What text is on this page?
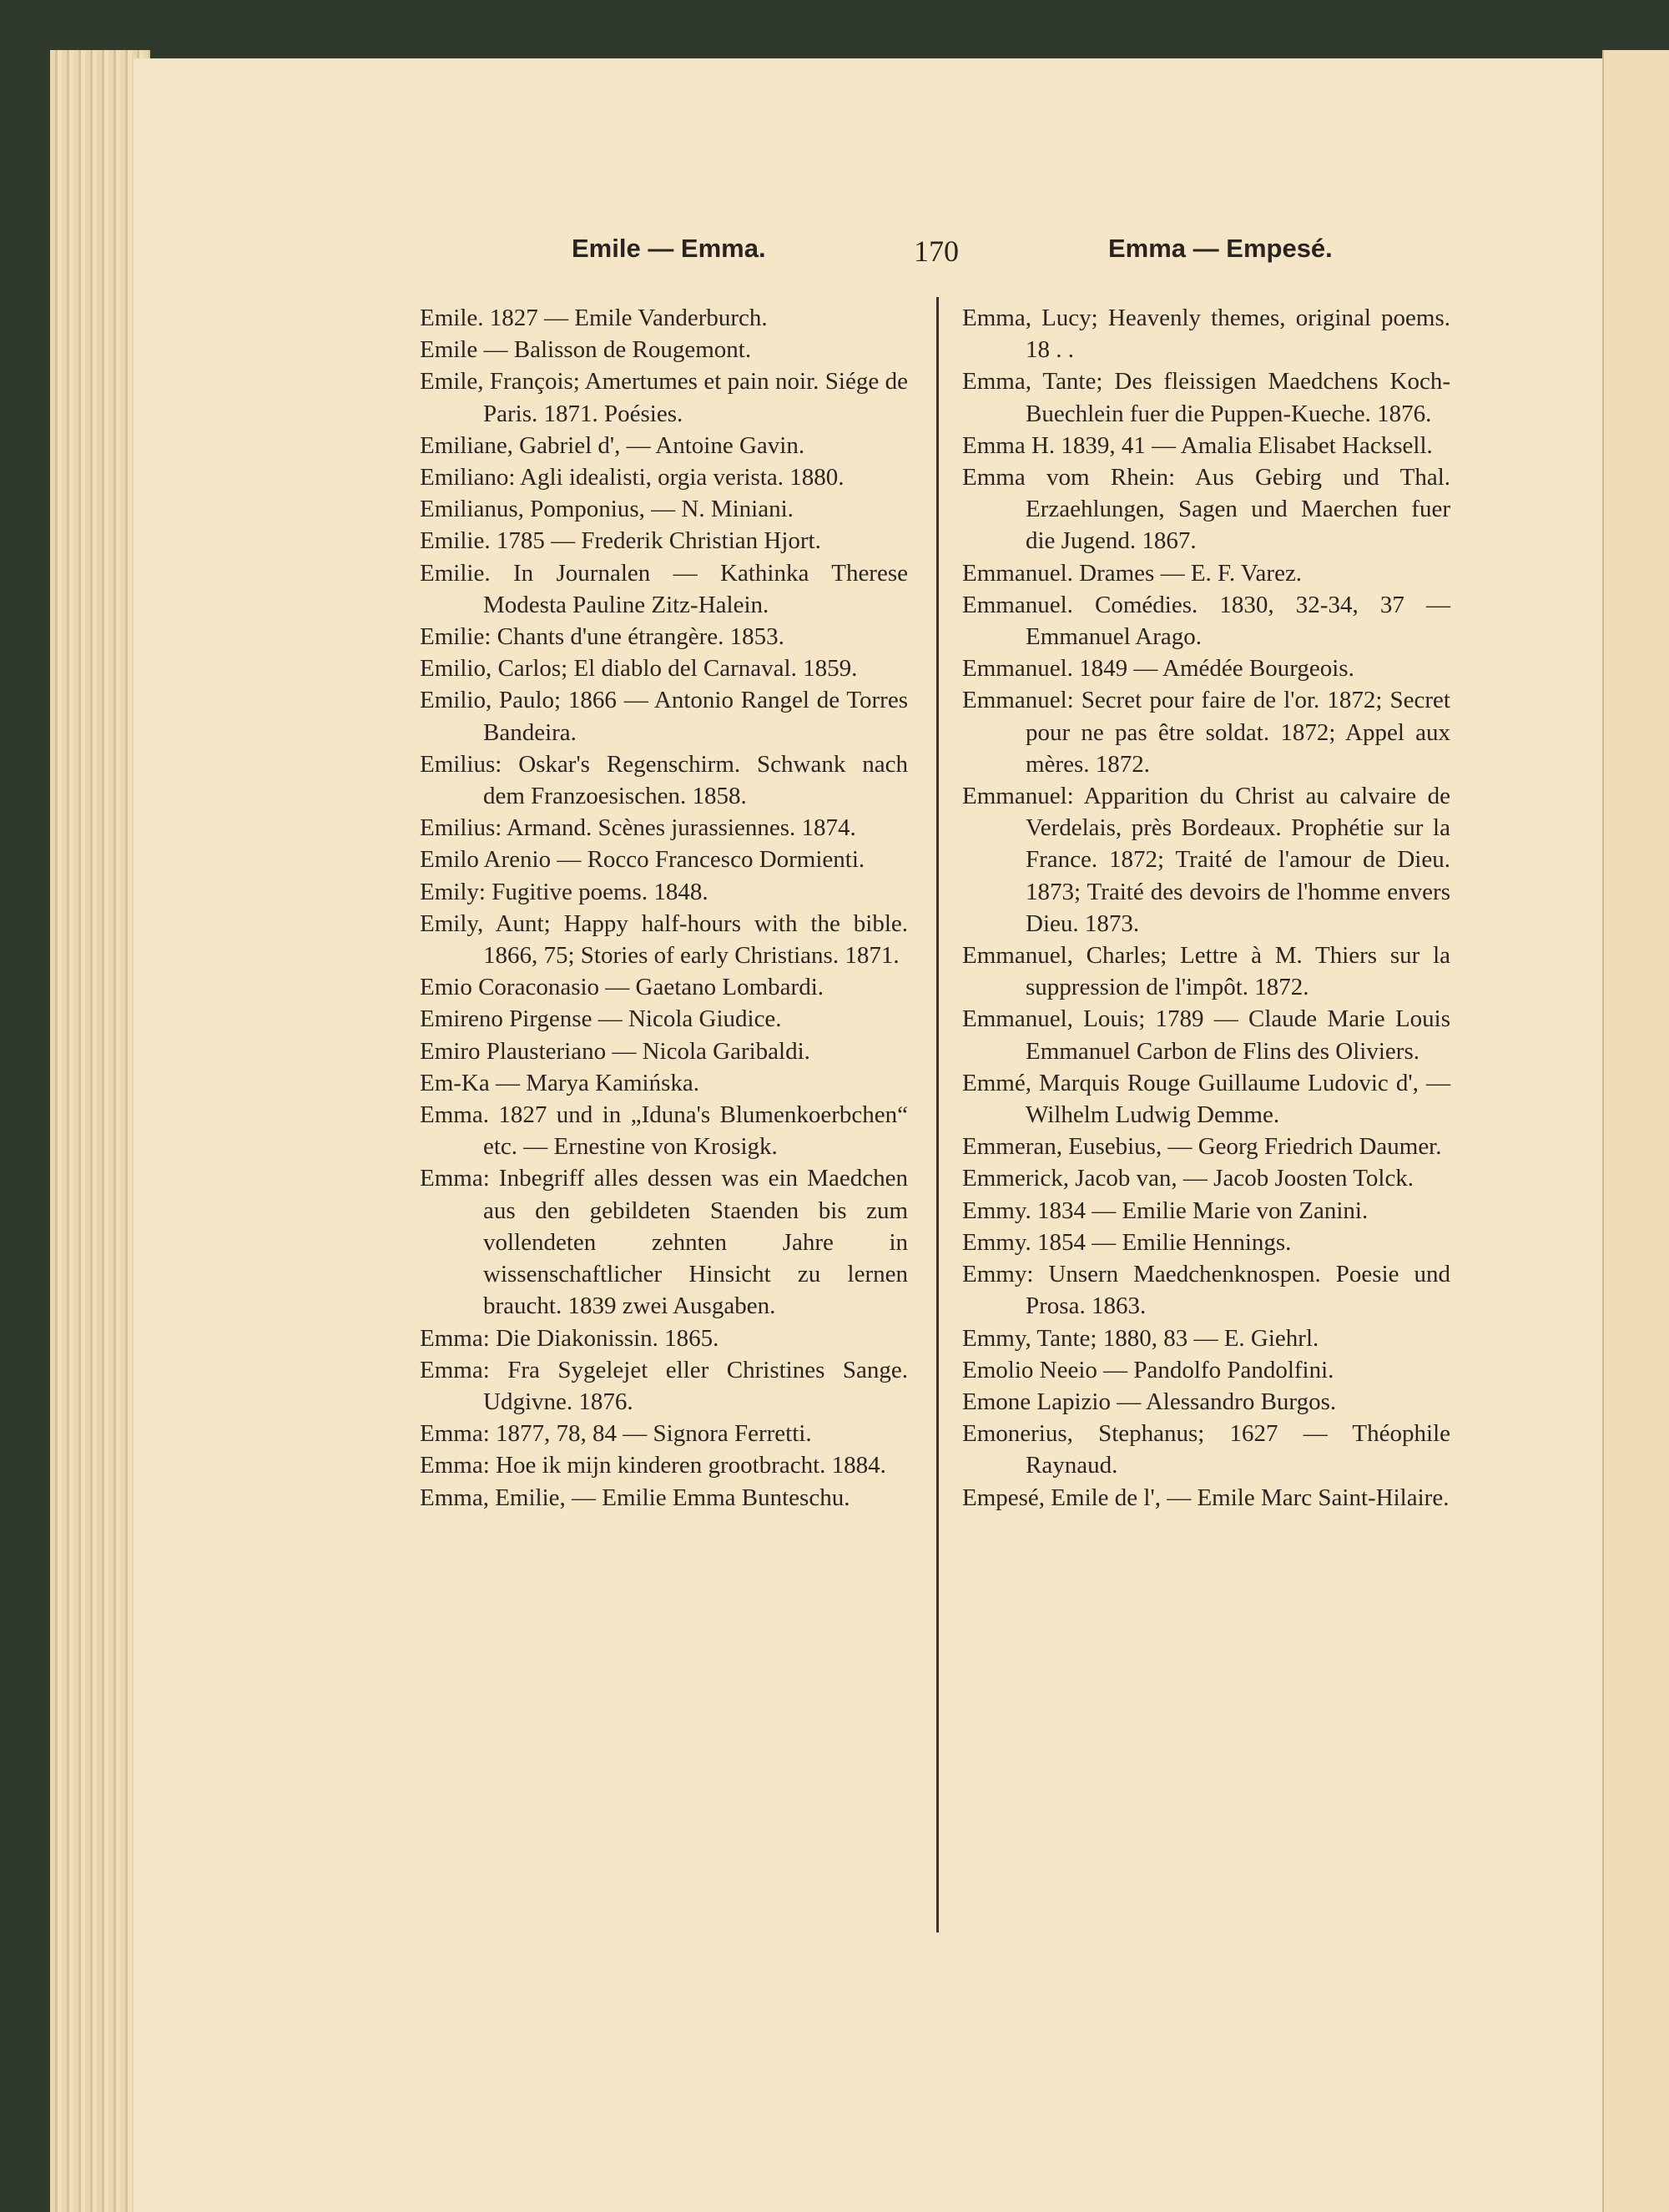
Emile — Emma.	170	Emma — Empesé.
Emile. 1827 — Emile Vanderburch.
Emile — Balisson de Rougemont.
Emile, François; Amertumes et pain noir. Siége de Paris. 1871. Poésies.
Emiliane, Gabriel d', — Antoine Gavin.
Emiliano: Agli idealisti, orgia verista. 1880.
Emilianus, Pomponius, — N. Miniani.
Emilie. 1785 — Frederik Christian Hjort.
Emilie. In Journalen — Kathinka Therese Modesta Pauline Zitz-Halein.
Emilie: Chants d'une étrangère. 1853.
Emilio, Carlos; El diablo del Carnaval. 1859.
Emilio, Paulo; 1866 — Antonio Rangel de Torres Bandeira.
Emilius: Oskar's Regenschirm. Schwank nach dem Franzoesischen. 1858.
Emilius: Armand. Scènes jurassiennes. 1874.
Emilo Arenio — Rocco Francesco Dormienti.
Emily: Fugitive poems. 1848.
Emily, Aunt; Happy half-hours with the bible. 1866, 75; Stories of early Christians. 1871.
Emio Coraconasio — Gaetano Lombardi.
Emireno Pirgense — Nicola Giudice.
Emiro Plausteriano — Nicola Garibaldi.
Em-Ka — Marya Kamińska.
Emma. 1827 und in „Iduna's Blumenkoerbchen“ etc. — Ernestine von Krosigk.
Emma: Inbegriff alles dessen was ein Maedchen aus den gebildeten Staenden bis zum vollendeten zehnten Jahre in wissenschaftlicher Hinsicht zu lernen braucht. 1839 zwei Ausgaben.
Emma: Die Diakonissin. 1865.
Emma: Fra Sygelejet eller Christines Sange. Udgivne. 1876.
Emma: 1877, 78, 84 — Signora Ferretti.
Emma: Hoe ik mijn kinderen grootbracht. 1884.
Emma, Emilie, — Emilie Emma Bunteschu.
Emma, Lucy; Heavenly themes, original poems. 18 . .
Emma, Tante; Des fleissigen Maedchens Koch-Buechlein fuer die Puppen-Kueche. 1876.
Emma H. 1839, 41 — Amalia Elisabet Hacksell.
Emma vom Rhein: Aus Gebirg und Thal. Erzaehlungen, Sagen und Maerchen fuer die Jugend. 1867.
Emmanuel. Drames — E. F. Varez.
Emmanuel. Comédies. 1830, 32-34, 37 — Emmanuel Arago.
Emmanuel. 1849 — Amédée Bourgeois.
Emmanuel: Secret pour faire de l'or. 1872; Secret pour ne pas être soldat. 1872; Appel aux mères. 1872.
Emmanuel: Apparition du Christ au calvaire de Verdelais, près Bordeaux. Prophétie sur la France. 1872; Traité de l'amour de Dieu. 1873; Traité des devoirs de l'homme envers Dieu. 1873.
Emmanuel, Charles; Lettre à M. Thiers sur la suppression de l'impôt. 1872.
Emmanuel, Louis; 1789 — Claude Marie Louis Emmanuel Carbon de Flins des Oliviers.
Emmé, Marquis Rouge Guillaume Ludovic d', — Wilhelm Ludwig Demme.
Emmeran, Eusebius, — Georg Friedrich Daumer.
Emmerick, Jacob van, — Jacob Joosten Tolck.
Emmy. 1834 — Emilie Marie von Zanini.
Emmy. 1854 — Emilie Hennings.
Emmy: Unsern Maedchenknospen. Poesie und Prosa. 1863.
Emmy, Tante; 1880, 83 — E. Giehrl.
Emolio Neeio — Pandolfo Pandolfini.
Emone Lapizio — Alessandro Burgos.
Emonerius, Stephanus; 1627 — Théophile Raynaud.
Empesé, Emile de l', — Emile Marc Saint-Hilaire.
